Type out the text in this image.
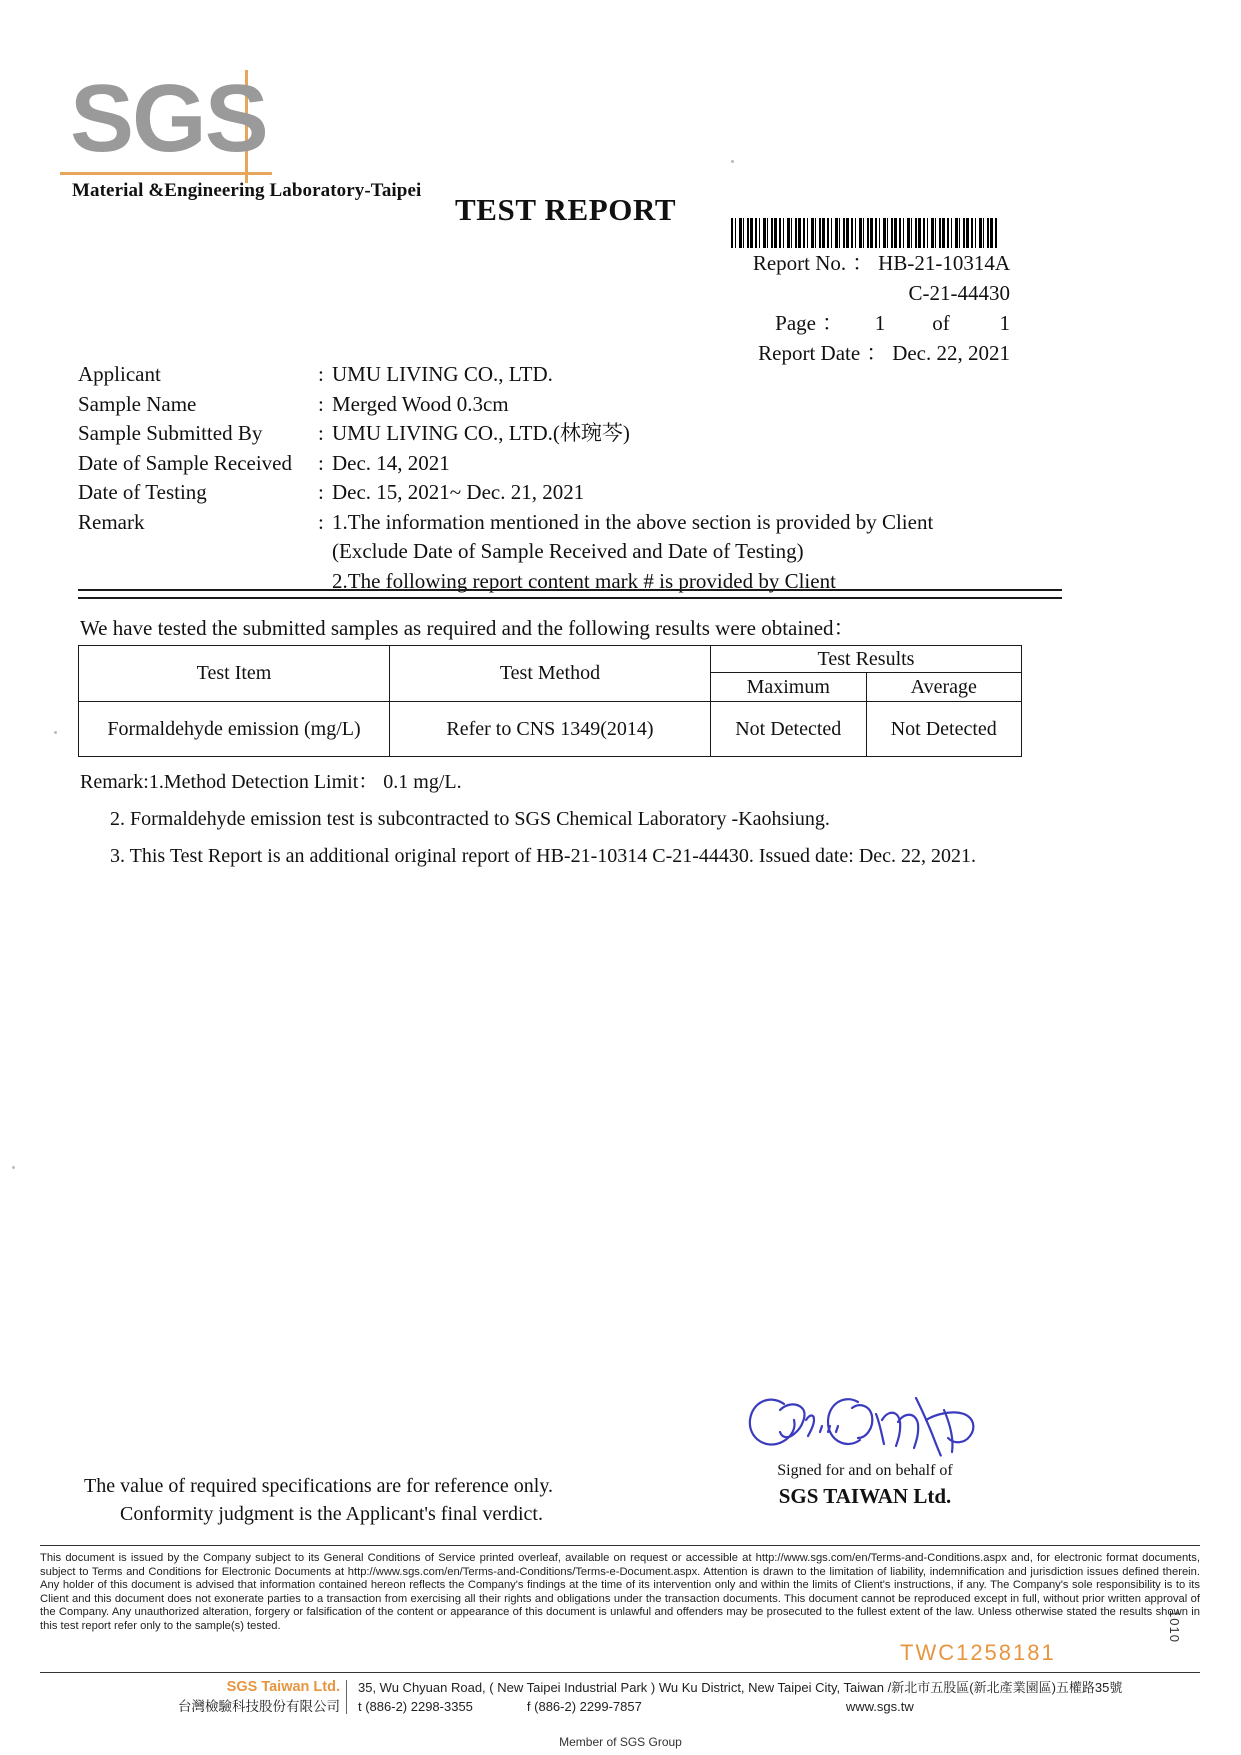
SGS
Material &Engineering Laboratory-Taipei
TEST REPORT
Report No. ： HB-21-10314A
C-21-44430
Page ：	1	of	1
Report Date ： Dec. 22, 2021
Applicant	: UMU LIVING CO., LTD.
Sample Name	: Merged Wood 0.3cm
Sample Submitted By	: UMU LIVING CO., LTD.(林琬芩)
Date of Sample Received	: Dec. 14, 2021
Date of Testing	: Dec. 15, 2021~ Dec. 21, 2021
Remark	: 1.The information mentioned in the above section is provided by Client
(Exclude Date of Sample Received and Date of Testing)
2.The following report content mark # is provided by Client
We have tested the submitted samples as required and the following results were obtained：
Test Item	Test Method	Test Results	
		Maximum	Average
Formaldehyde emission (mg/L)	Refer to CNS 1349(2014)	Not Detected	Not Detected
Remark:1.Method Detection Limit： 0.1 mg/L.
2. Formaldehyde emission test is subcontracted to SGS Chemical Laboratory -Kaohsiung.
3. This Test Report is an additional original report of HB-21-10314 C-21-44430. Issued date: Dec. 22, 2021.
Signed for and on behalf of
SGS TAIWAN Ltd.
The value of required specifications are for reference only.
Conformity judgment is the Applicant's final verdict.
This document is issued by the Company subject to its General Conditions of Service printed overleaf, available on request or accessible at http://www.sgs.com/en/Terms-and-Conditions.aspx and, for electronic format documents, subject to Terms and Conditions for Electronic Documents at http://www.sgs.com/en/Terms-and-Conditions/Terms-e-Document.aspx. Attention is drawn to the limitation of liability, indemnification and jurisdiction issues defined therein. Any holder of this document is advised that information contained hereon reflects the Company's findings at the time of its intervention only and within the limits of Client's instructions, if any. The Company's sole responsibility is to its Client and this document does not exonerate parties to a transaction from exercising all their rights and obligations under the transaction documents. This document cannot be reproduced except in full, without prior written approval of the Company. Any unauthorized alteration, forgery or falsification of the content or appearance of this document is unlawful and offenders may be prosecuted to the fullest extent of the law. Unless otherwise stated the results shown in this test report refer only to the sample(s) tested.
TWC1258181
1010
SGS Taiwan Ltd.
台灣檢驗科技股份有限公司
35, Wu Chyuan Road, ( New Taipei Industrial Park ) Wu Ku District, New Taipei City, Taiwan /新北市五股區(新北產業園區)五權路35號
t (886-2) 2298-3355	f (886-2) 2299-7857	www.sgs.tw
Member of SGS Group
